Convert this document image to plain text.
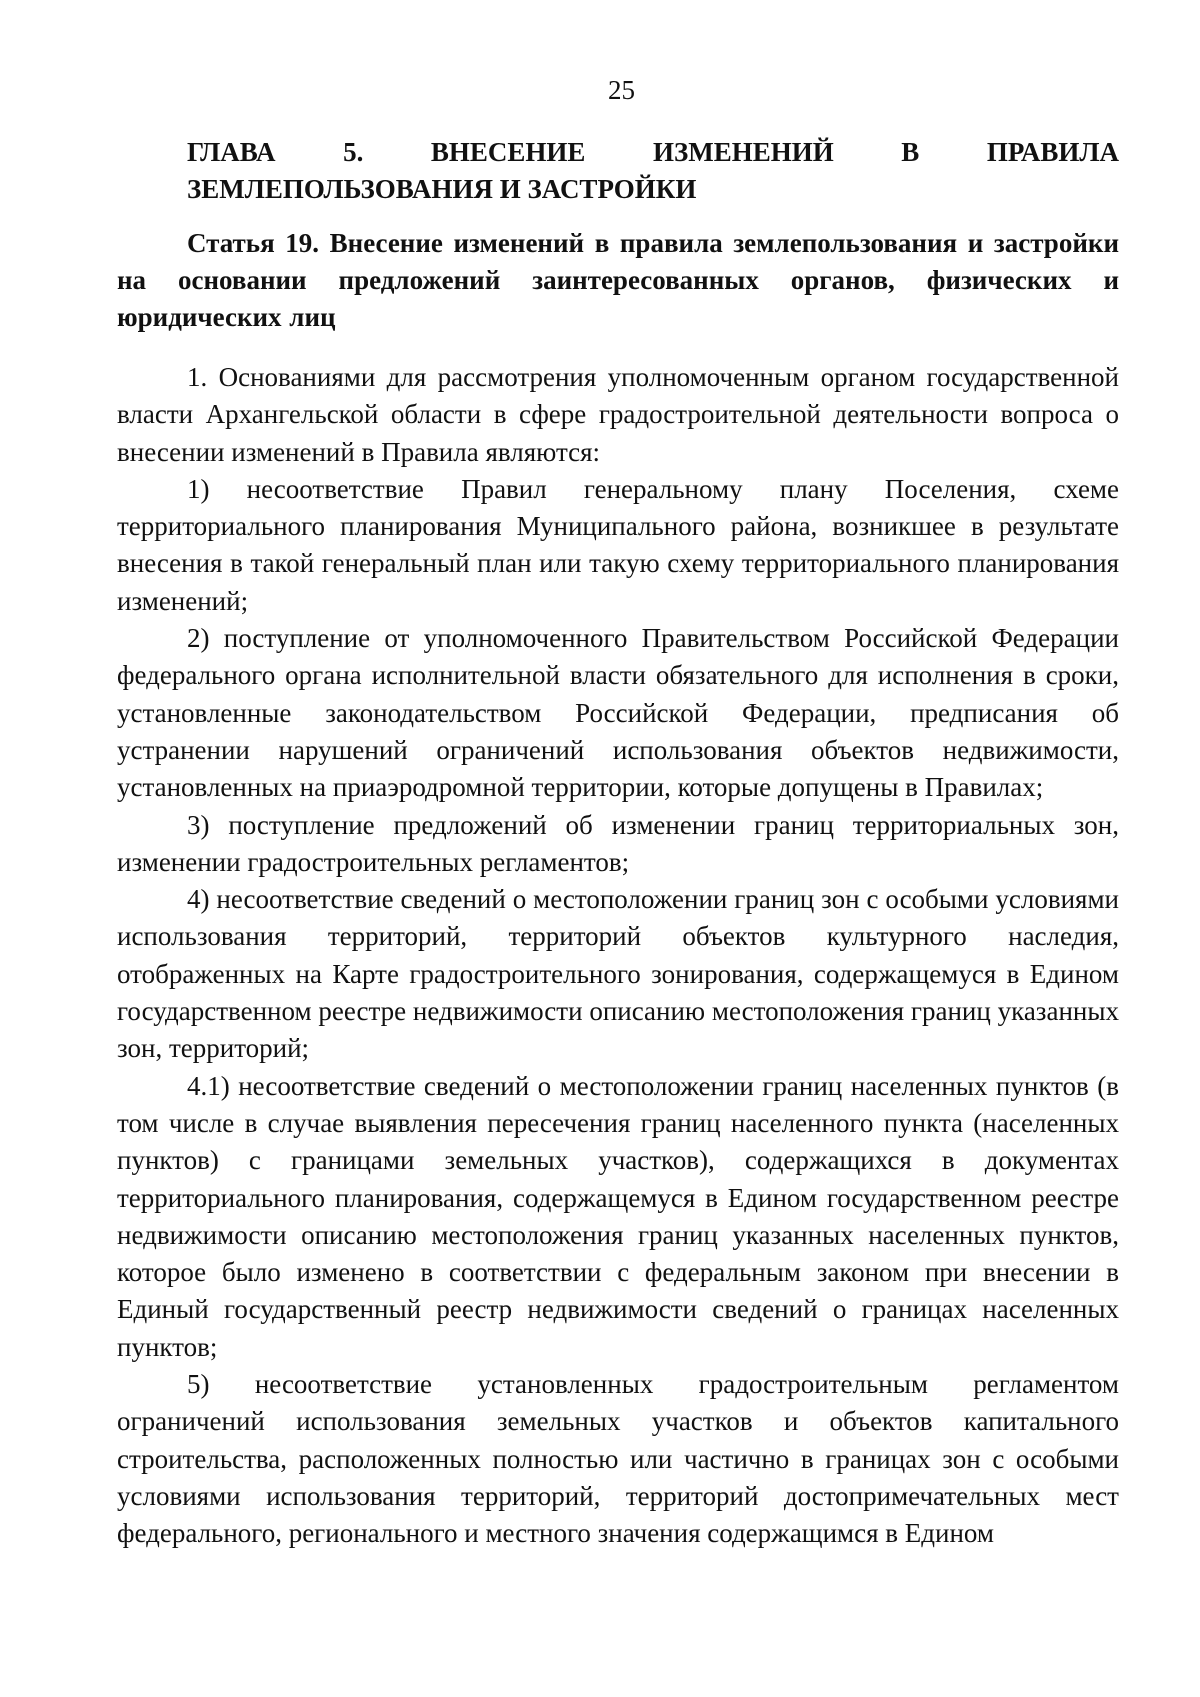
25
ГЛАВА 5. ВНЕСЕНИЕ ИЗМЕНЕНИЙ В ПРАВИЛА
ЗЕМЛЕПОЛЬЗОВАНИЯ И ЗАСТРОЙКИ
Статья 19. Внесение изменений в правила землепользования и застройки на основании предложений заинтересованных органов, физических и юридических лиц

1. Основаниями для рассмотрения уполномоченным органом государственной власти Архангельской области в сфере градостроительной деятельности вопроса о внесении изменений в Правила являются:

1) несоответствие Правил генеральному плану Поселения, схеме территориального планирования Муниципального района, возникшее в результате внесения в такой генеральный план или такую схему территориального планирования изменений;

2) поступление от уполномоченного Правительством Российской Федерации федерального органа исполнительной власти обязательного для исполнения в сроки, установленные законодательством Российской Федерации, предписания об устранении нарушений ограничений использования объектов недвижимости, установленных на приаэродромной территории, которые допущены в Правилах;

3) поступление предложений об изменении границ территориальных зон, изменении градостроительных регламентов;

4) несоответствие сведений о местоположении границ зон с особыми условиями использования территорий, территорий объектов культурного наследия, отображенных на Карте градостроительного зонирования, содержащемуся в Едином государственном реестре недвижимости описанию местоположения границ указанных зон, территорий;

4.1) несоответствие сведений о местоположении границ населенных пунктов (в том числе в случае выявления пересечения границ населенного пункта (населенных пунктов) с границами земельных участков), содержащихся в документах территориального планирования, содержащемуся в Едином государственном реестре недвижимости описанию местоположения границ указанных населенных пунктов, которое было изменено в соответствии с федеральным законом при внесении в Единый государственный реестр недвижимости сведений о границах населенных пунктов;

5) несоответствие установленных градостроительным регламентом ограничений использования земельных участков и объектов капитального строительства, расположенных полностью или частично в границах зон с особыми условиями использования территорий, территорий достопримечательных мест федерального, регионального и местного значения содержащимся в Едином
